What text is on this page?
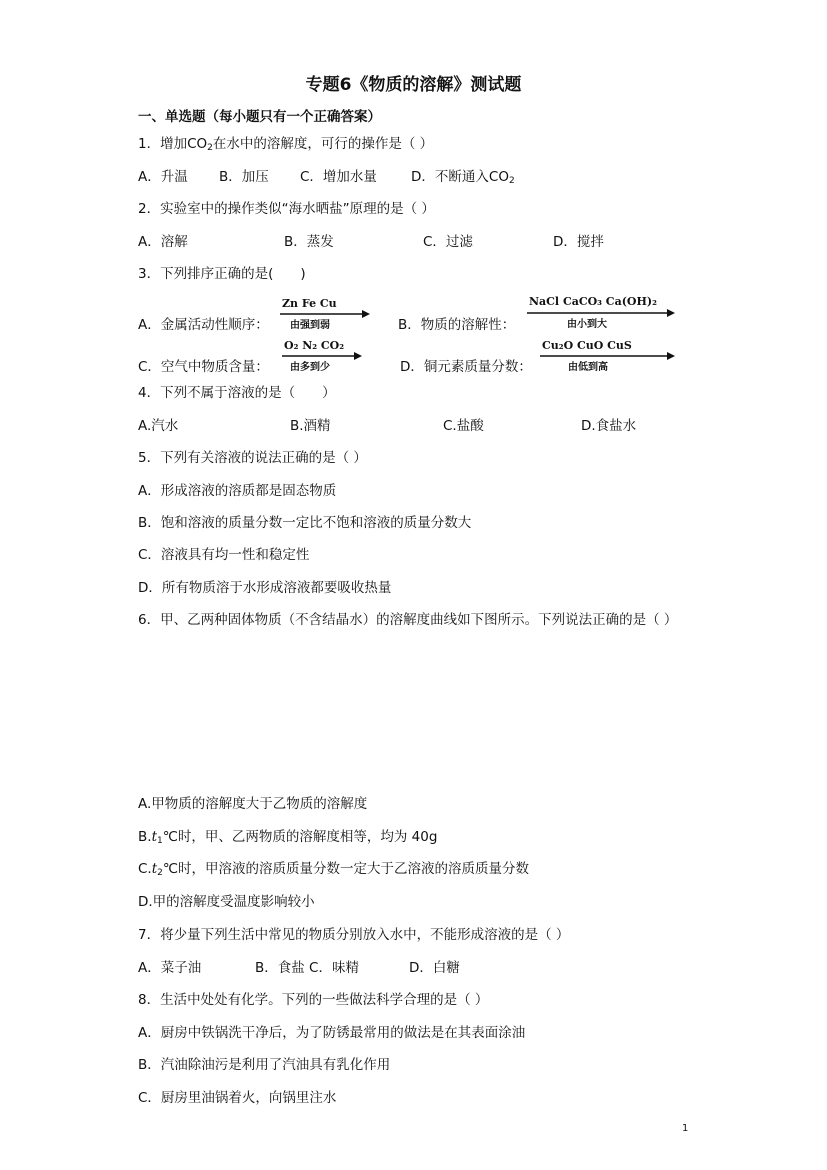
专题6《物质的溶解》测试题
一、单选题（每小题只有一个正确答案）
1．增加$CO_2$在水中的溶解度，可行的操作是（ ）
A．升温 B．加压 C．增加水量	D．不断通入$CO_2$
2．实验室中的操作类似“海水晒盐”原理的是（ ）
A．溶解	B．蒸发	C．过滤	D．搅拌
3．下列排序正确的是(　　)
A．金属活动性顺序：
Zn Fe Cu
由强到弱	B．物质的溶解性：
NaCl CaCO₃ Ca(OH)₂
由小到大
C．空气中物质含量：
O₂ N₂ CO₂
由多到少	D．铜元素质量分数：
Cu₂O CuO CuS
由低到高
4．下列不属于溶液的是（　　）
A.汽水	B.酒精	C.盐酸	D.食盐水
5．下列有关溶液的说法正确的是（ ）
A．形成溶液的溶质都是固态物质
B．饱和溶液的质量分数一定比不饱和溶液的质量分数大
C．溶液具有均一性和稳定性
D．所有物质溶于水形成溶液都要吸收热量
6．甲、乙两种固体物质（不含结晶水）的溶解度曲线如下图所示。下列说法正确的是（ ）
A.甲物质的溶解度大于乙物质的溶解度
$B.t_1℃$时，甲、乙两物质的溶解度相等，均为 40g
$C.t_2℃$时，甲溶液的溶质质量分数一定大于乙溶液的溶质质量分数
D.甲的溶解度受温度影响较小
7．将少量下列生活中常见的物质分别放入水中，不能形成溶液的是（ ）
A．菜子油	B．食盐 C．味精	D．白糖
8．生活中处处有化学。下列的一些做法科学合理的是（ ）
A．厨房中铁锅洗干净后，为了防锈最常用的做法是在其表面涂油
B．汽油除油污是利用了汽油具有乳化作用
C．厨房里油锅着火，向锅里注水
1
